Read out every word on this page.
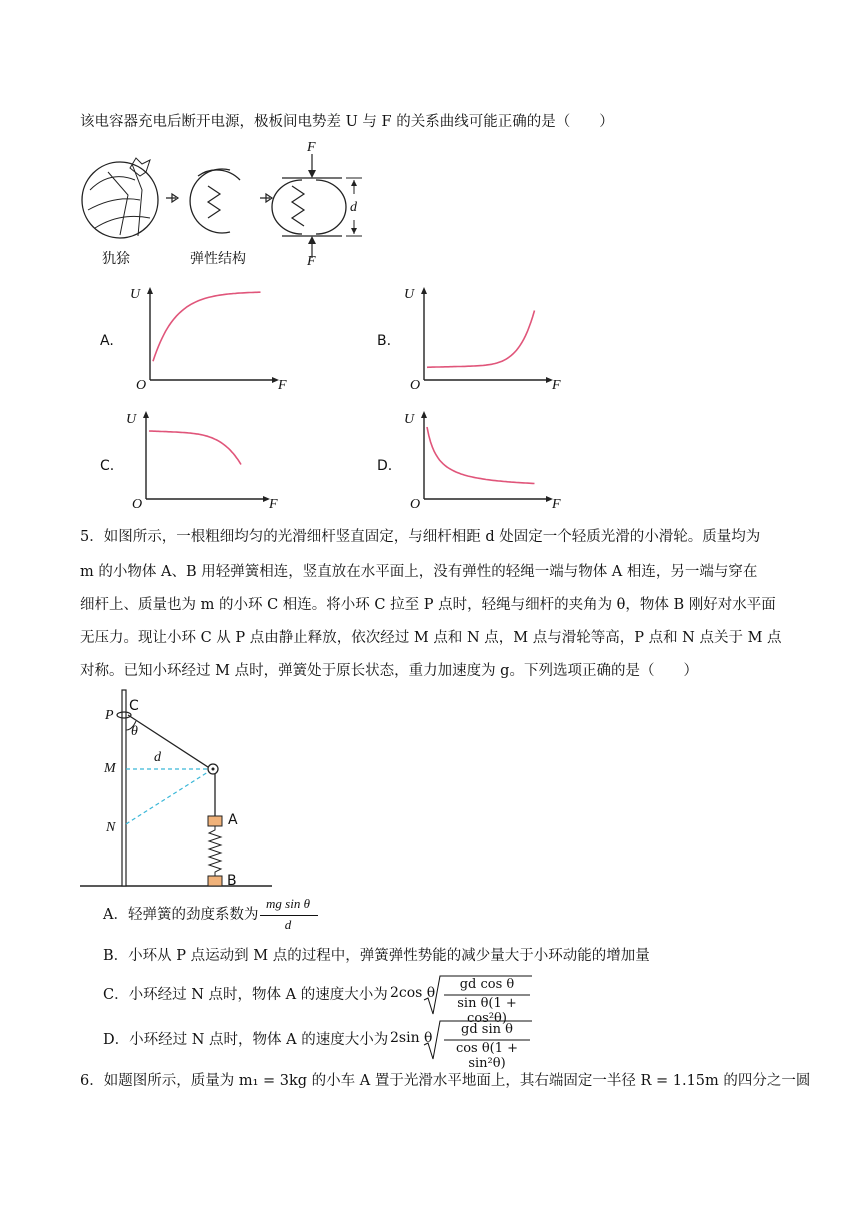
该电容器充电后断开电源，极板间电势差 U 与 F 的关系曲线可能正确的是（　　）
F
F
d
犰狳	弹性结构
A.
U
F
O
B.
U
F
O
C.
U
F
O
D.
U
F
O
5．如图所示，一根粗细均匀的光滑细杆竖直固定，与细杆相距 d 处固定一个轻质光滑的小滑轮。质量均为
m 的小物体 A、B 用轻弹簧相连，竖直放在水平面上，没有弹性的轻绳一端与物体 A 相连，另一端与穿在
细杆上、质量也为 m 的小环 C 相连。将小环 C 拉至 P 点时，轻绳与细杆的夹角为 θ，物体 B 刚好对水平面
无压力。现让小环 C 从 P 点由静止释放，依次经过 M 点和 N 点，M 点与滑轮等高，P 点和 N 点关于 M 点
对称。已知小环经过 M 点时，弹簧处于原长状态，重力加速度为 g。下列选项正确的是（　　）
P
C
θ
M
d
N	A
B
A．轻弹簧的劲度系数为
mg sin θ
d
B．小环从 P 点运动到 M 点的过程中，弹簧弹性势能的减少量大于小环动能的增加量
C．小环经过 N 点时，物体 A 的速度大小为 2cos θ
gd cos θ
sin θ(1 + cos²θ)
D．小环经过 N 点时，物体 A 的速度大小为 2sin θ
gd sin θ
cos θ(1 + sin²θ)
6．如题图所示，质量为 m₁ = 3kg 的小车 A 置于光滑水平地面上，其右端固定一半径 R = 1.15m 的四分之一圆
